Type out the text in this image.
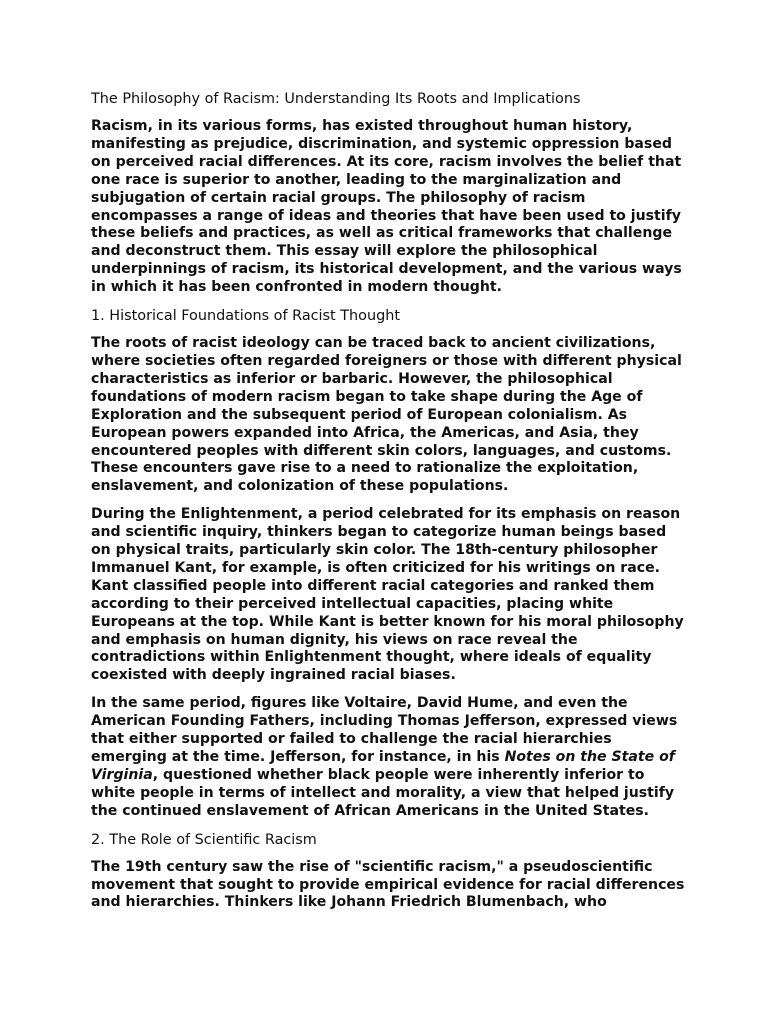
The Philosophy of Racism: Understanding Its Roots and Implications
Racism, in its various forms, has existed throughout human history,
manifesting as prejudice, discrimination, and systemic oppression based
on perceived racial differences. At its core, racism involves the belief that
one race is superior to another, leading to the marginalization and
subjugation of certain racial groups. The philosophy of racism
encompasses a range of ideas and theories that have been used to justify
these beliefs and practices, as well as critical frameworks that challenge
and deconstruct them. This essay will explore the philosophical
underpinnings of racism, its historical development, and the various ways
in which it has been confronted in modern thought.
1. Historical Foundations of Racist Thought
The roots of racist ideology can be traced back to ancient civilizations,
where societies often regarded foreigners or those with different physical
characteristics as inferior or barbaric. However, the philosophical
foundations of modern racism began to take shape during the Age of
Exploration and the subsequent period of European colonialism. As
European powers expanded into Africa, the Americas, and Asia, they
encountered peoples with different skin colors, languages, and customs.
These encounters gave rise to a need to rationalize the exploitation,
enslavement, and colonization of these populations.
During the Enlightenment, a period celebrated for its emphasis on reason
and scientific inquiry, thinkers began to categorize human beings based
on physical traits, particularly skin color. The 18th-century philosopher
Immanuel Kant, for example, is often criticized for his writings on race.
Kant classified people into different racial categories and ranked them
according to their perceived intellectual capacities, placing white
Europeans at the top. While Kant is better known for his moral philosophy
and emphasis on human dignity, his views on race reveal the
contradictions within Enlightenment thought, where ideals of equality
coexisted with deeply ingrained racial biases.
In the same period, figures like Voltaire, David Hume, and even the
American Founding Fathers, including Thomas Jefferson, expressed views
that either supported or failed to challenge the racial hierarchies
emerging at the time. Jefferson, for instance, in his Notes on the State of
Virginia, questioned whether black people were inherently inferior to
white people in terms of intellect and morality, a view that helped justify
the continued enslavement of African Americans in the United States.
2. The Role of Scientific Racism
The 19th century saw the rise of "scientific racism," a pseudoscientific
movement that sought to provide empirical evidence for racial differences
and hierarchies. Thinkers like Johann Friedrich Blumenbach, who
